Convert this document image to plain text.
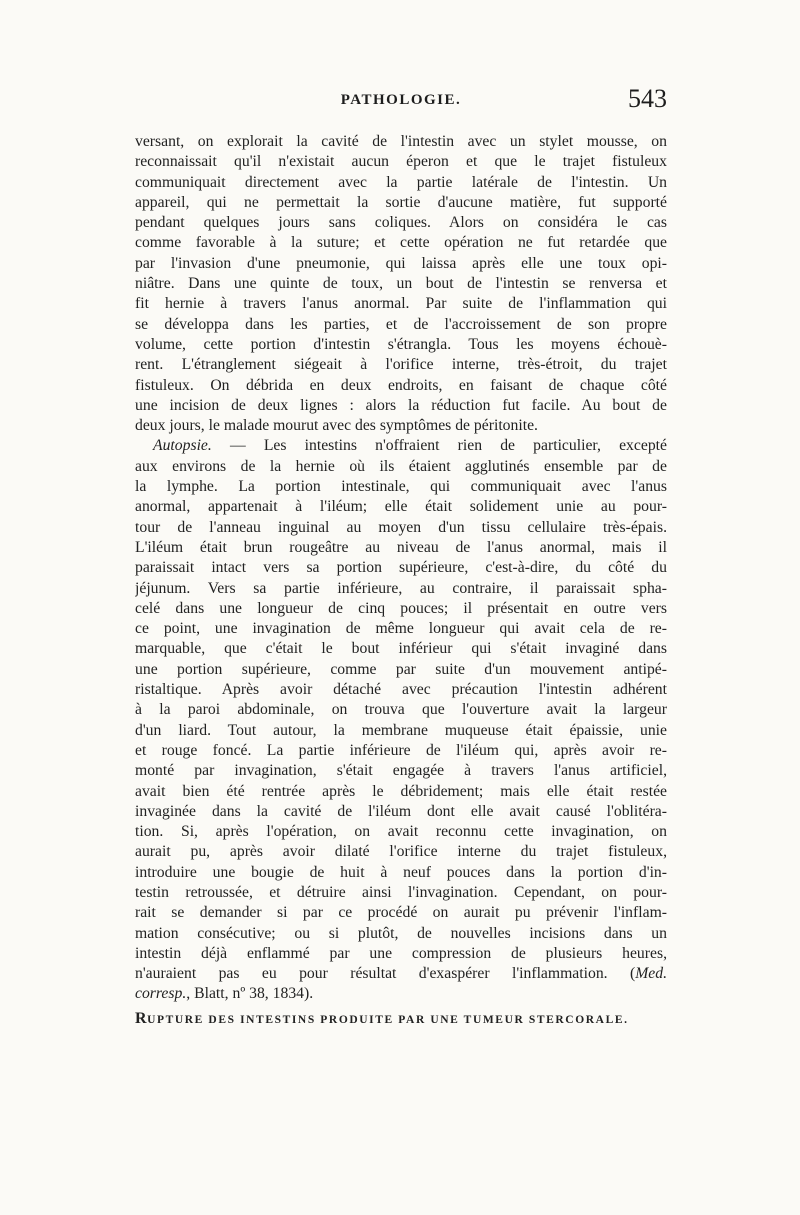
PATHOLOGIE.	543
versant, on explorait la cavité de l'intestin avec un stylet mousse, on
reconnaissait qu'il n'existait aucun éperon et que le trajet fistuleux
communiquait directement avec la partie latérale de l'intestin. Un
appareil, qui ne permettait la sortie d'aucune matière, fut supporté
pendant quelques jours sans coliques. Alors on considéra le cas
comme favorable à la suture; et cette opération ne fut retardée que
par l'invasion d'une pneumonie, qui laissa après elle une toux opi-
niâtre. Dans une quinte de toux, un bout de l'intestin se renversa et
fit hernie à travers l'anus anormal. Par suite de l'inflammation qui
se développa dans les parties, et de l'accroissement de son propre
volume, cette portion d'intestin s'étrangla. Tous les moyens échouè-
rent. L'étranglement siégeait à l'orifice interne, très-étroit, du trajet
fistuleux. On débrida en deux endroits, en faisant de chaque côté
une incision de deux lignes : alors la réduction fut facile. Au bout de
deux jours, le malade mourut avec des symptômes de péritonite.
Autopsie. — Les intestins n'offraient rien de particulier, excepté
aux environs de la hernie où ils étaient agglutinés ensemble par de
la lymphe. La portion intestinale, qui communiquait avec l'anus
anormal, appartenait à l'iléum; elle était solidement unie au pour-
tour de l'anneau inguinal au moyen d'un tissu cellulaire très-épais.
L'iléum était brun rougeâtre au niveau de l'anus anormal, mais il
paraissait intact vers sa portion supérieure, c'est-à-dire, du côté du
jéjunum. Vers sa partie inférieure, au contraire, il paraissait spha-
celé dans une longueur de cinq pouces; il présentait en outre vers
ce point, une invagination de même longueur qui avait cela de re-
marquable, que c'était le bout inférieur qui s'était invaginé dans
une portion supérieure, comme par suite d'un mouvement antipé-
ristaltique. Après avoir détaché avec précaution l'intestin adhérent
à la paroi abdominale, on trouva que l'ouverture avait la largeur
d'un liard. Tout autour, la membrane muqueuse était épaissie, unie
et rouge foncé. La partie inférieure de l'iléum qui, après avoir re-
monté par invagination, s'était engagée à travers l'anus artificiel,
avait bien été rentrée après le débridement; mais elle était restée
invaginée dans la cavité de l'iléum dont elle avait causé l'oblitéra-
tion. Si, après l'opération, on avait reconnu cette invagination, on
aurait pu, après avoir dilaté l'orifice interne du trajet fistuleux,
introduire une bougie de huit à neuf pouces dans la portion d'in-
testin retroussée, et détruire ainsi l'invagination. Cependant, on pour-
rait se demander si par ce procédé on aurait pu prévenir l'inflam-
mation consécutive; ou si plutôt, de nouvelles incisions dans un
intestin déjà enflammé par une compression de plusieurs heures,
n'auraient pas eu pour résultat d'exaspérer l'inflammation. (Med.
corresp., Blatt, nº 38, 1834).
RUPTURE DES INTESTINS PRODUITE PAR UNE TUMEUR STERCORALE.
